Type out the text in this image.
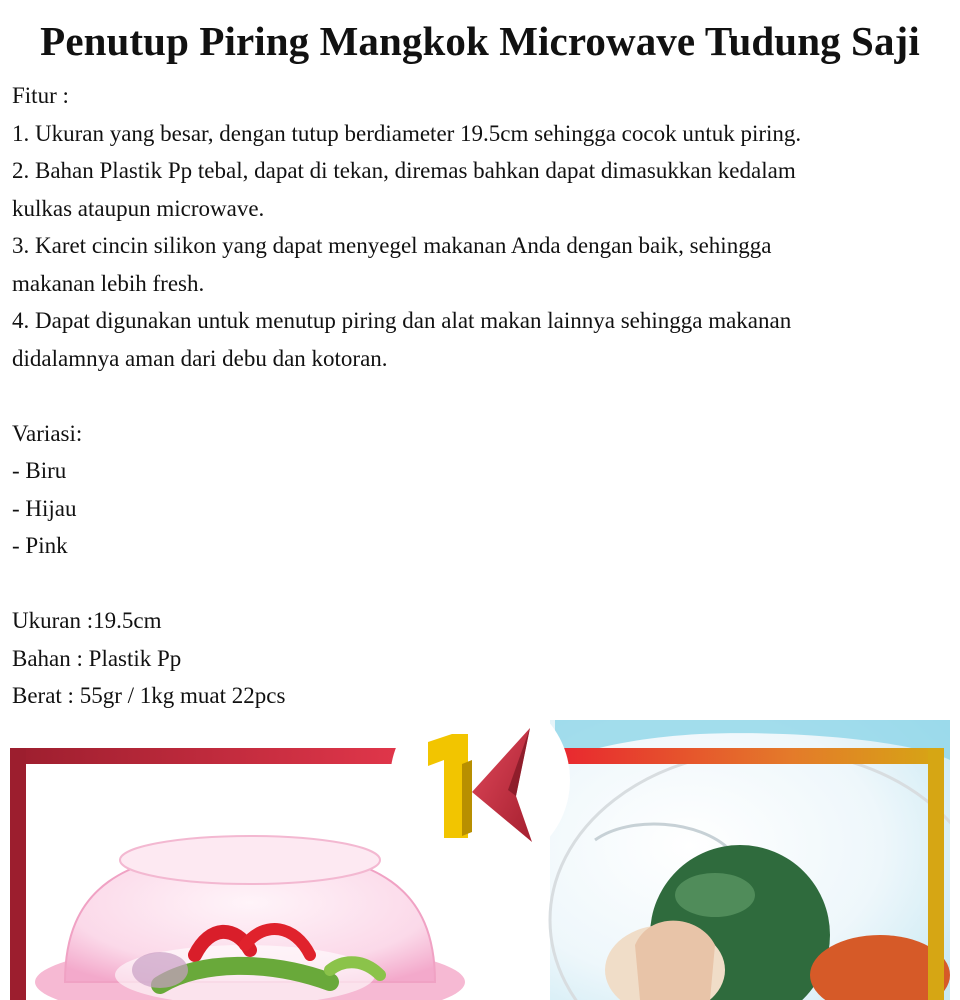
Penutup Piring Mangkok Microwave Tudung Saji

Fitur :

1. Ukuran yang besar, dengan tutup berdiameter 19.5cm sehingga cocok untuk piring.
2. Bahan Plastik Pp tebal, dapat di tekan, diremas bahkan dapat dimasukkan kedalam
kulkas ataupun microwave.
3. Karet cincin silikon yang dapat menyegel makanan Anda dengan baik, sehingga
makanan lebih fresh.
4. Dapat digunakan untuk menutup piring dan alat makan lainnya sehingga makanan
didalamnya aman dari debu dan kotoran.

Variasi:

- Biru
- Hijau
- Pink

Ukuran :19.5cm

Bahan : Plastik Pp

Berat : 55gr / 1kg muat 22pcs
